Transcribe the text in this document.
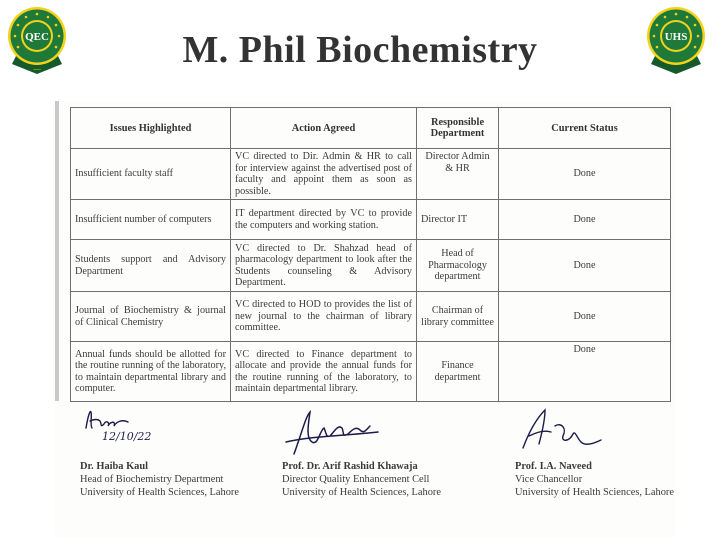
QEC
ـــــ	M. Phil Biochemistry	UHS
Issues Highlighted	Action Agreed	Responsible Department	Current Status
Insufficient faculty staff	VC directed to Dir. Admin & HR to call for interview against the advertised post of faculty and appoint them as soon as possible.	Director Admin & HR	Done
Insufficient number of computers	IT department directed by VC to provide the computers and working station.	Director IT	Done
Students support and Advisory Department	VC directed to Dr. Shahzad head of pharmacology department to look after the Students counseling & Advisory Department.	Head of Pharmacology department	Done
Journal of Biochemistry & journal of Clinical Chemistry	VC directed to HOD to provides the list of new journal to the chairman of library committee.	Chairman of library committee	Done
Annual funds should be allotted for the routine running of the laboratory, to maintain departmental library and computer.	VC directed to Finance department to allocate and provide the annual funds for the routine running of the laboratory, to maintain departmental library.	Finance department	Done
12/10/22
Dr. Haiba Kaul
Head of Biochemistry Department
University of Health Sciences, Lahore
Prof. Dr. Arif Rashid Khawaja
Director Quality Enhancement Cell
University of Health Sciences, Lahore
Prof. I.A. Naveed
Vice Chancellor
University of Health Sciences, Lahore
